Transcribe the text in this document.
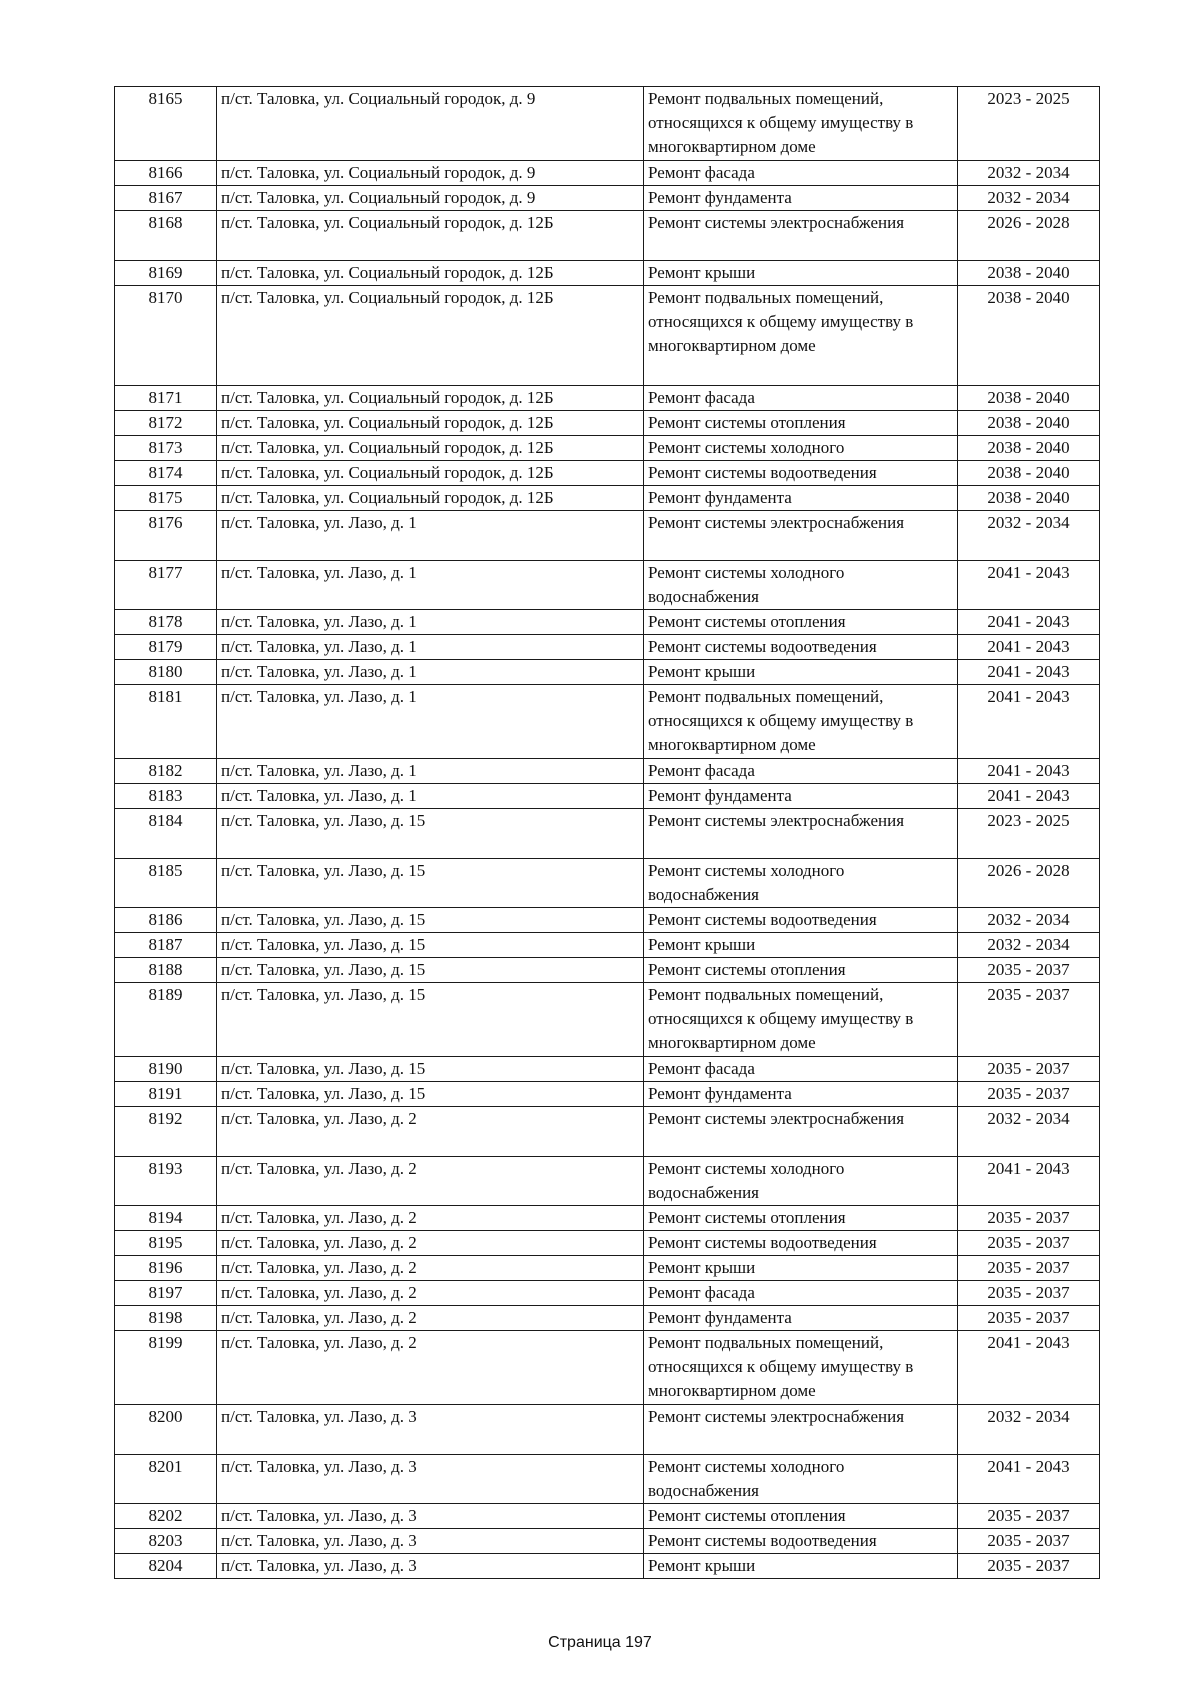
8165	п/ст. Таловка, ул. Социальный городок, д. 9	Ремонт подвальных помещений, относящихся к общему имуществу в многоквартирном доме	2023 - 2025
8166	п/ст. Таловка, ул. Социальный городок, д. 9	Ремонт фасада	2032 - 2034
8167	п/ст. Таловка, ул. Социальный городок, д. 9	Ремонт фундамента	2032 - 2034
8168	п/ст. Таловка, ул. Социальный городок, д. 12Б	Ремонт системы электроснабжения	2026 - 2028
8169	п/ст. Таловка, ул. Социальный городок, д. 12Б	Ремонт крыши	2038 - 2040
8170	п/ст. Таловка, ул. Социальный городок, д. 12Б	Ремонт подвальных помещений, относящихся к общему имуществу в многоквартирном доме	2038 - 2040
8171	п/ст. Таловка, ул. Социальный городок, д. 12Б	Ремонт фасада	2038 - 2040
8172	п/ст. Таловка, ул. Социальный городок, д. 12Б	Ремонт системы отопления	2038 - 2040
8173	п/ст. Таловка, ул. Социальный городок, д. 12Б	Ремонт системы холодного	2038 - 2040
8174	п/ст. Таловка, ул. Социальный городок, д. 12Б	Ремонт системы водоотведения	2038 - 2040
8175	п/ст. Таловка, ул. Социальный городок, д. 12Б	Ремонт фундамента	2038 - 2040
8176	п/ст. Таловка, ул. Лазо, д. 1	Ремонт системы электроснабжения	2032 - 2034
8177	п/ст. Таловка, ул. Лазо, д. 1	Ремонт системы холодного водоснабжения	2041 - 2043
8178	п/ст. Таловка, ул. Лазо, д. 1	Ремонт системы отопления	2041 - 2043
8179	п/ст. Таловка, ул. Лазо, д. 1	Ремонт системы водоотведения	2041 - 2043
8180	п/ст. Таловка, ул. Лазо, д. 1	Ремонт крыши	2041 - 2043
8181	п/ст. Таловка, ул. Лазо, д. 1	Ремонт подвальных помещений, относящихся к общему имуществу в многоквартирном доме	2041 - 2043
8182	п/ст. Таловка, ул. Лазо, д. 1	Ремонт фасада	2041 - 2043
8183	п/ст. Таловка, ул. Лазо, д. 1	Ремонт фундамента	2041 - 2043
8184	п/ст. Таловка, ул. Лазо, д. 15	Ремонт системы электроснабжения	2023 - 2025
8185	п/ст. Таловка, ул. Лазо, д. 15	Ремонт системы холодного водоснабжения	2026 - 2028
8186	п/ст. Таловка, ул. Лазо, д. 15	Ремонт системы водоотведения	2032 - 2034
8187	п/ст. Таловка, ул. Лазо, д. 15	Ремонт крыши	2032 - 2034
8188	п/ст. Таловка, ул. Лазо, д. 15	Ремонт системы отопления	2035 - 2037
8189	п/ст. Таловка, ул. Лазо, д. 15	Ремонт подвальных помещений, относящихся к общему имуществу в многоквартирном доме	2035 - 2037
8190	п/ст. Таловка, ул. Лазо, д. 15	Ремонт фасада	2035 - 2037
8191	п/ст. Таловка, ул. Лазо, д. 15	Ремонт фундамента	2035 - 2037
8192	п/ст. Таловка, ул. Лазо, д. 2	Ремонт системы электроснабжения	2032 - 2034
8193	п/ст. Таловка, ул. Лазо, д. 2	Ремонт системы холодного водоснабжения	2041 - 2043
8194	п/ст. Таловка, ул. Лазо, д. 2	Ремонт системы отопления	2035 - 2037
8195	п/ст. Таловка, ул. Лазо, д. 2	Ремонт системы водоотведения	2035 - 2037
8196	п/ст. Таловка, ул. Лазо, д. 2	Ремонт крыши	2035 - 2037
8197	п/ст. Таловка, ул. Лазо, д. 2	Ремонт фасада	2035 - 2037
8198	п/ст. Таловка, ул. Лазо, д. 2	Ремонт фундамента	2035 - 2037
8199	п/ст. Таловка, ул. Лазо, д. 2	Ремонт подвальных помещений, относящихся к общему имуществу в многоквартирном доме	2041 - 2043
8200	п/ст. Таловка, ул. Лазо, д. 3	Ремонт системы электроснабжения	2032 - 2034
8201	п/ст. Таловка, ул. Лазо, д. 3	Ремонт системы холодного водоснабжения	2041 - 2043
8202	п/ст. Таловка, ул. Лазо, д. 3	Ремонт системы отопления	2035 - 2037
8203	п/ст. Таловка, ул. Лазо, д. 3	Ремонт системы водоотведения	2035 - 2037
8204	п/ст. Таловка, ул. Лазо, д. 3	Ремонт крыши	2035 - 2037
Страница 197
